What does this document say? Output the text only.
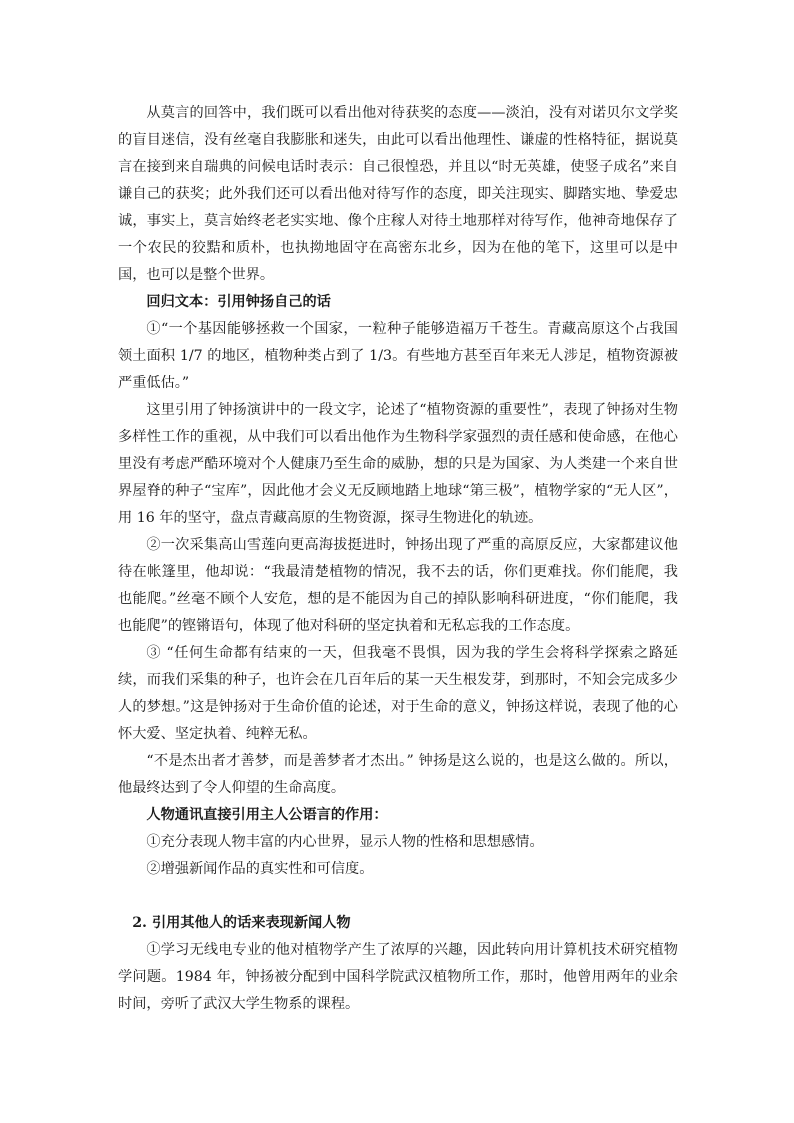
从莫言的回答中，我们既可以看出他对待获奖的态度——淡泊，没有对诺贝尔文学奖的盲目迷信，没有丝毫自我膨胀和迷失，由此可以看出他理性、谦虚的性格特征，据说莫言在接到来自瑞典的问候电话时表示：自己很惶恐，并且以“时无英雄，使竖子成名”来自谦自己的获奖；此外我们还可以看出他对待写作的态度，即关注现实、脚踏实地、挚爱忠诚，事实上，莫言始终老老实实地、像个庄稼人对待土地那样对待写作，他神奇地保存了一个农民的狡黠和质朴，也执拗地固守在高密东北乡，因为在他的笔下，这里可以是中国，也可以是整个世界。

回归文本：引用钟扬自己的话

①“一个基因能够拯救一个国家，一粒种子能够造福万千苍生。青藏高原这个占我国领土面积 1/7 的地区，植物种类占到了 1/3。有些地方甚至百年来无人涉足，植物资源被严重低估。”

这里引用了钟扬演讲中的一段文字，论述了“植物资源的重要性”，表现了钟扬对生物多样性工作的重视，从中我们可以看出他作为生物科学家强烈的责任感和使命感，在他心里没有考虑严酷环境对个人健康乃至生命的威胁，想的只是为国家、为人类建一个来自世界屋脊的种子“宝库”，因此他才会义无反顾地踏上地球“第三极”，植物学家的“无人区”，用 16 年的坚守，盘点青藏高原的生物资源，探寻生物进化的轨迹。

②一次采集高山雪莲向更高海拔挺进时，钟扬出现了严重的高原反应，大家都建议他待在帐篷里，他却说：“我最清楚植物的情况，我不去的话，你们更难找。你们能爬，我也能爬。”丝毫不顾个人安危，想的是不能因为自己的掉队影响科研进度，“你们能爬，我也能爬”的铿锵语句，体现了他对科研的坚定执着和无私忘我的工作态度。

③ “任何生命都有结束的一天，但我毫不畏惧，因为我的学生会将科学探索之路延续，而我们采集的种子，也许会在几百年后的某一天生根发芽，到那时，不知会完成多少人的梦想。”这是钟扬对于生命价值的论述，对于生命的意义，钟扬这样说，表现了他的心怀大爱、坚定执着、纯粹无私。

“不是杰出者才善梦，而是善梦者才杰出。” 钟扬是这么说的，也是这么做的。所以，他最终达到了令人仰望的生命高度。

人物通讯直接引用主人公语言的作用：

①充分表现人物丰富的内心世界，显示人物的性格和思想感情。

②增强新闻作品的真实性和可信度。

2. 引用其他人的话来表现新闻人物

①学习无线电专业的他对植物学产生了浓厚的兴趣，因此转向用计算机技术研究植物学问题。1984 年，钟扬被分配到中国科学院武汉植物所工作，那时，他曾用两年的业余时间，旁听了武汉大学生物系的课程。
